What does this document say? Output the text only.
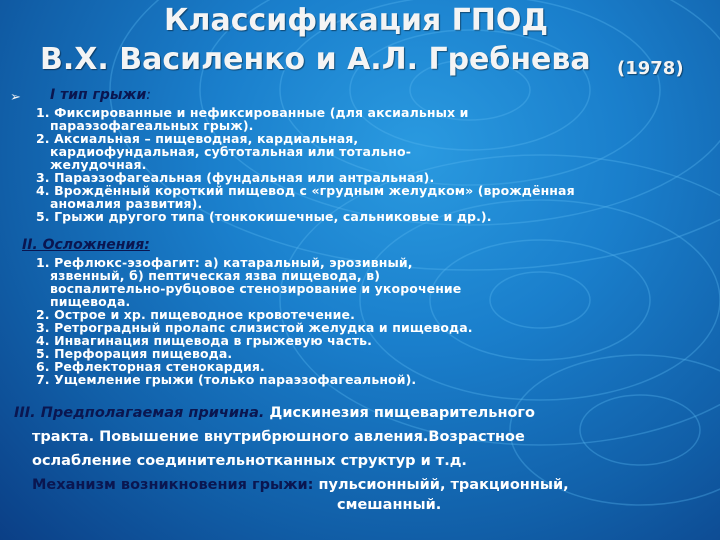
Классификация ГПОД
В.Х. Василенко и А.Л. Гребнева (1978)
➢ I тип грыжи:
1. Фиксированные и нефиксированные (для аксиальных и
параэзофагеальных грыж).
2. Аксиальная – пищеводная, кардиальная,
кардиофундальная, субтотальная или тотально-
желудочная.
3. Параэзофагеальная (фундальная или антральная).
4. Врождённый короткий пищевод с «грудным желудком» (врождённая
аномалия развития).
5. Грыжи другого типа (тонкокишечные, сальниковые и др.).
II. Осложнения:
1. Рефлюкс-эзофагит: а) катаральный, эрозивный,
язвенный, б) пептическая язва пищевода, в)
воспалительно-рубцовое стенозирование и укорочение
пищевода.
2. Острое и хр. пищеводное кровотечение.
3. Ретроградный пролапс слизистой желудка и пищевода.
4. Инвагинация пищевода в грыжевую часть.
5. Перфорация пищевода.
6. Рефлекторная стенокардия.
7. Ущемление грыжи (только параэзофагеальной).
III. Предполагаемая причина. Дискинезия пищеварительного
тракта. Повышение внутрибрюшного авления.Возрастное
ослабление соединительнотканных структур и т.д.
Механизм возникновения грыжи: пульсионныйй, тракционный,
смешанный.
